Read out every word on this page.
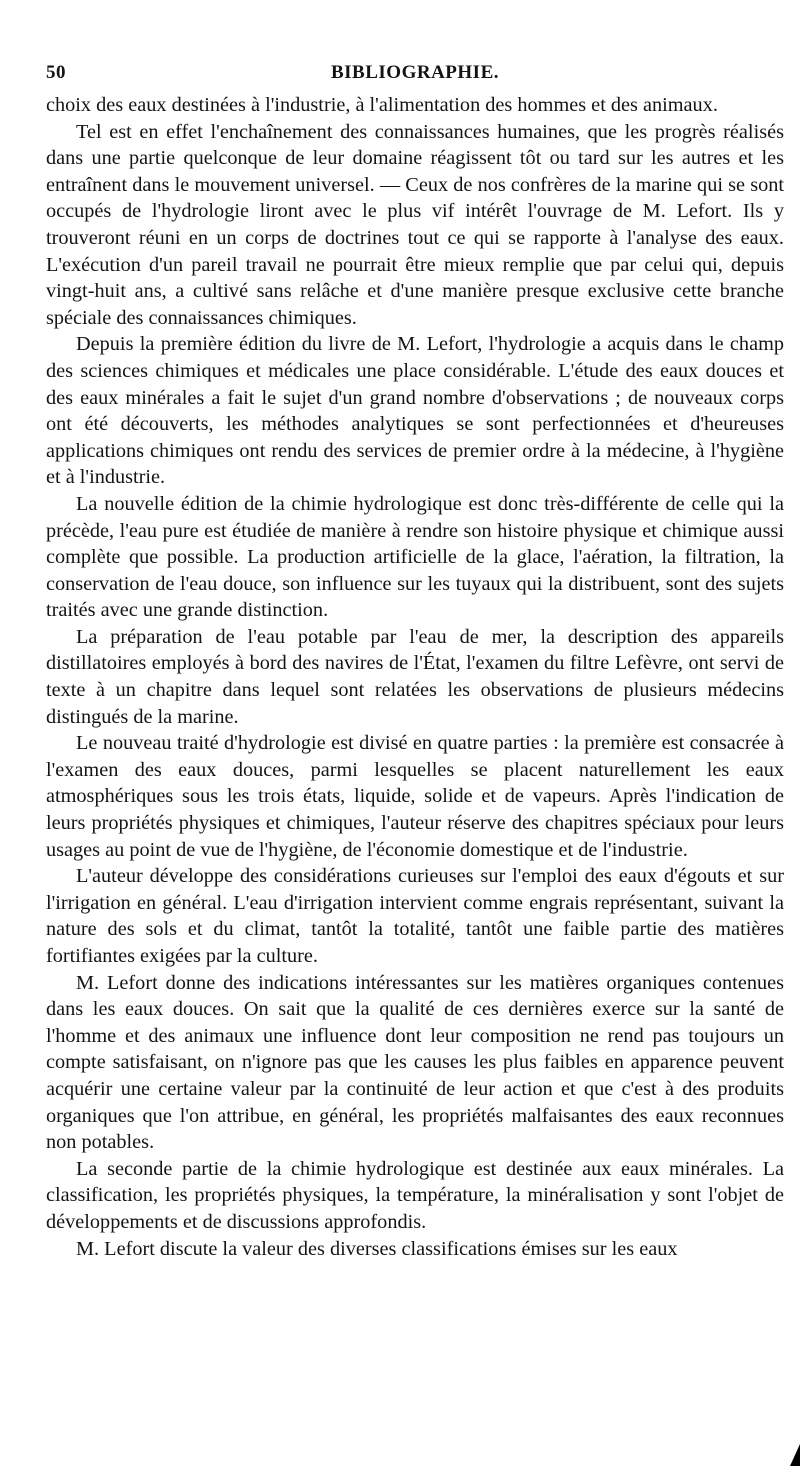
50	BIBLIOGRAPHIE.

choix des eaux destinées à l'industrie, à l'alimentation des hommes et des animaux.

Tel est en effet l'enchaînement des connaissances humaines, que les progrès réalisés dans une partie quelconque de leur domaine réagissent tôt ou tard sur les autres et les entraînent dans le mouvement universel. — Ceux de nos confrères de la marine qui se sont occupés de l'hydrologie liront avec le plus vif intérêt l'ouvrage de M. Lefort. Ils y trouveront réuni en un corps de doctrines tout ce qui se rapporte à l'analyse des eaux. L'exécution d'un pareil travail ne pourrait être mieux remplie que par celui qui, depuis vingt-huit ans, a cultivé sans relâche et d'une manière presque exclusive cette branche spéciale des connaissances chimiques.

Depuis la première édition du livre de M. Lefort, l'hydrologie a acquis dans le champ des sciences chimiques et médicales une place considérable. L'étude des eaux douces et des eaux minérales a fait le sujet d'un grand nombre d'observations ; de nouveaux corps ont été découverts, les méthodes analytiques se sont perfectionnées et d'heureuses applications chimiques ont rendu des services de premier ordre à la médecine, à l'hygiène et à l'industrie.

La nouvelle édition de la chimie hydrologique est donc très-différente de celle qui la précède, l'eau pure est étudiée de manière à rendre son histoire physique et chimique aussi complète que possible. La production artificielle de la glace, l'aération, la filtration, la conservation de l'eau douce, son influence sur les tuyaux qui la distribuent, sont des sujets traités avec une grande distinction.

La préparation de l'eau potable par l'eau de mer, la description des appareils distillatoires employés à bord des navires de l'État, l'examen du filtre Lefèvre, ont servi de texte à un chapitre dans lequel sont relatées les observations de plusieurs médecins distingués de la marine.

Le nouveau traité d'hydrologie est divisé en quatre parties : la première est consacrée à l'examen des eaux douces, parmi lesquelles se placent naturellement les eaux atmosphériques sous les trois états, liquide, solide et de vapeurs. Après l'indication de leurs propriétés physiques et chimiques, l'auteur réserve des chapitres spéciaux pour leurs usages au point de vue de l'hygiène, de l'économie domestique et de l'industrie.

L'auteur développe des considérations curieuses sur l'emploi des eaux d'égouts et sur l'irrigation en général. L'eau d'irrigation intervient comme engrais représentant, suivant la nature des sols et du climat, tantôt la totalité, tantôt une faible partie des matières fortifiantes exigées par la culture.

M. Lefort donne des indications intéressantes sur les matières organiques contenues dans les eaux douces. On sait que la qualité de ces dernières exerce sur la santé de l'homme et des animaux une influence dont leur composition ne rend pas toujours un compte satisfaisant, on n'ignore pas que les causes les plus faibles en apparence peuvent acquérir une certaine valeur par la continuité de leur action et que c'est à des produits organiques que l'on attribue, en général, les propriétés malfaisantes des eaux reconnues non potables.

La seconde partie de la chimie hydrologique est destinée aux eaux minérales. La classification, les propriétés physiques, la température, la minéralisation y sont l'objet de développements et de discussions approfondis.

M. Lefort discute la valeur des diverses classifications émises sur les eaux
